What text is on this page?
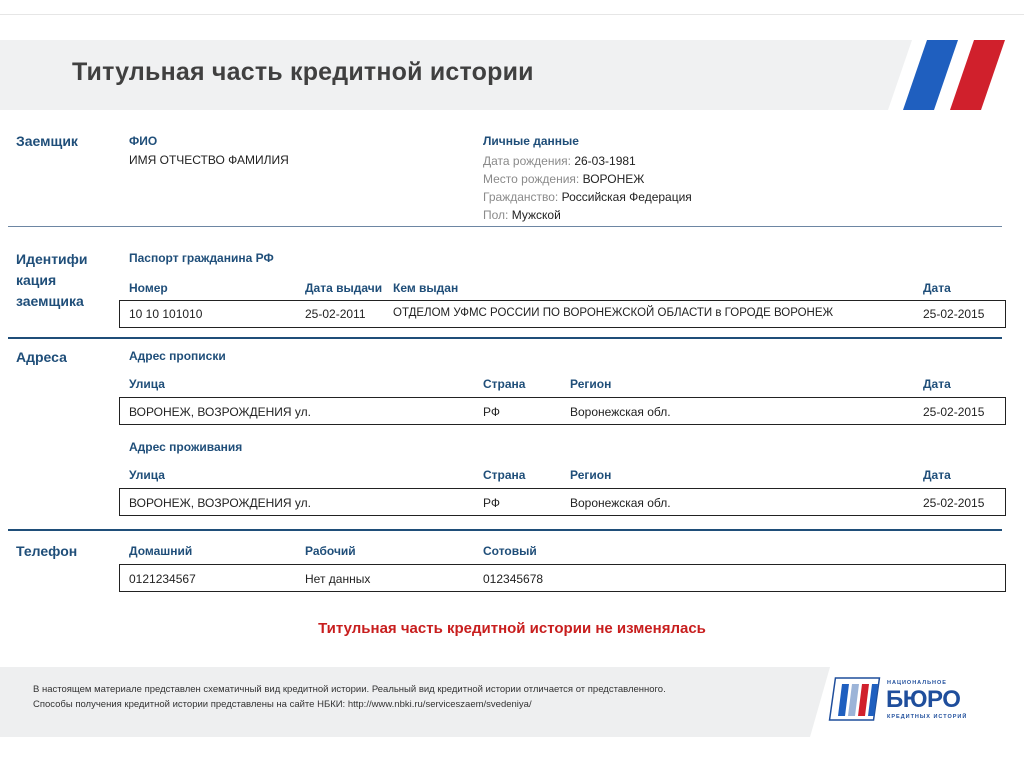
Титульная часть кредитной истории
Заемщик	ФИО
ИМЯ ОТЧЕСТВО ФАМИЛИЯ
Личные данные
Дата рождения: 26-03-1981
Место рождения: ВОРОНЕЖ
Гражданство: Российская Федерация
Пол: Мужской
Идентифи
кация
заемщика
Паспорт гражданина РФ
Номер	Дата выдачи Кем выдан	Дата
10 10 101010	25-02-2011 ОТДЕЛОМ УФМС РОССИИ ПО ВОРОНЕЖСКОЙ ОБЛАСТИ в ГОРОДЕ ВОРОНЕЖ	25-02-2015
Адреса	Адрес прописки
Улица	Страна	Регион	Дата
ВОРОНЕЖ, ВОЗРОЖДЕНИЯ ул.	РФ	Воронежская обл.	25-02-2015
Адрес проживания
Улица	Страна	Регион	Дата
ВОРОНЕЖ, ВОЗРОЖДЕНИЯ ул.	РФ	Воронежская обл.	25-02-2015
Телефон	Домашний	Рабочий	Сотовый
0121234567	Нет данных	012345678
Титульная часть кредитной истории не изменялась
В настоящем материале представлен схематичный вид кредитной истории. Реальный вид кредитной истории отличается от представленного.
Способы получения кредитной истории представлены на сайте НБКИ: http://www.nbki.ru/serviceszaem/svedeniya/
НАЦИОНАЛЬНОЕ
БЮРО
КРЕДИТНЫХ ИСТОРИЙ
